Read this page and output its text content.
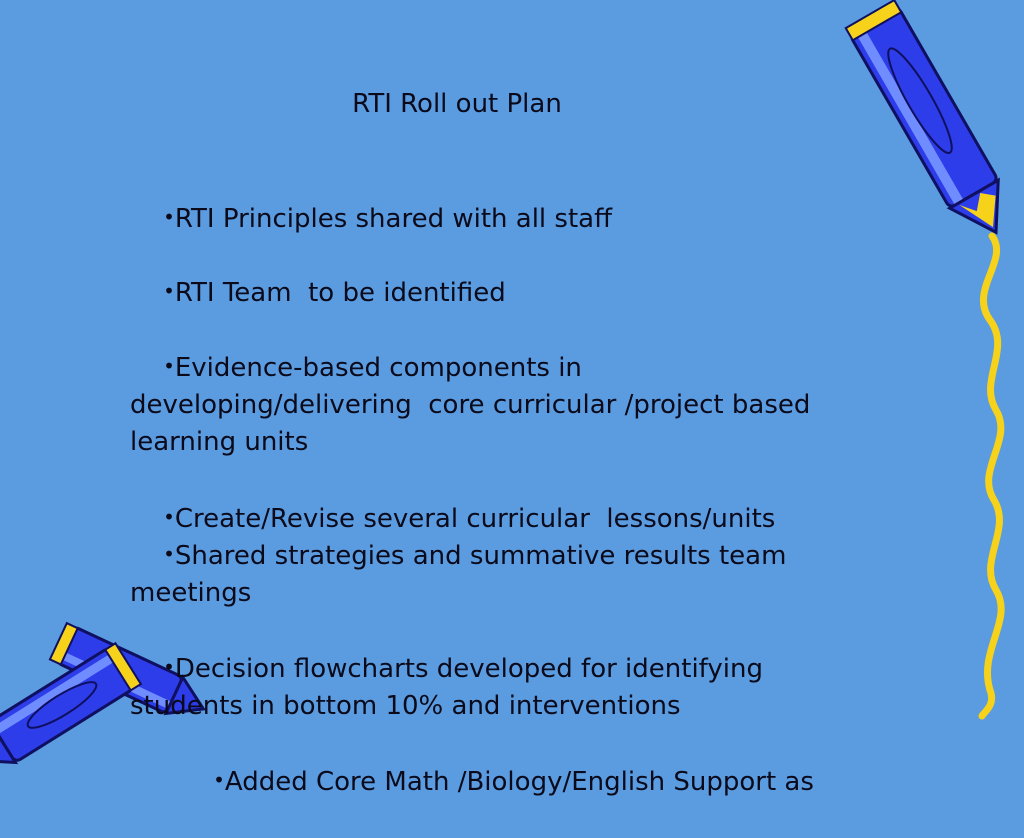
RTI Roll out Plan

•RTI Principles shared with all staff

•RTI Team  to be identified

•Evidence-based components in developing/delivering  core curricular /project based learning units

•Create/Revise several curricular  lessons/units

•Shared strategies and summative results team meetings

•Decision flowcharts developed for identifying students in bottom 10% and interventions

•Added Core Math /Biology/English Support as
